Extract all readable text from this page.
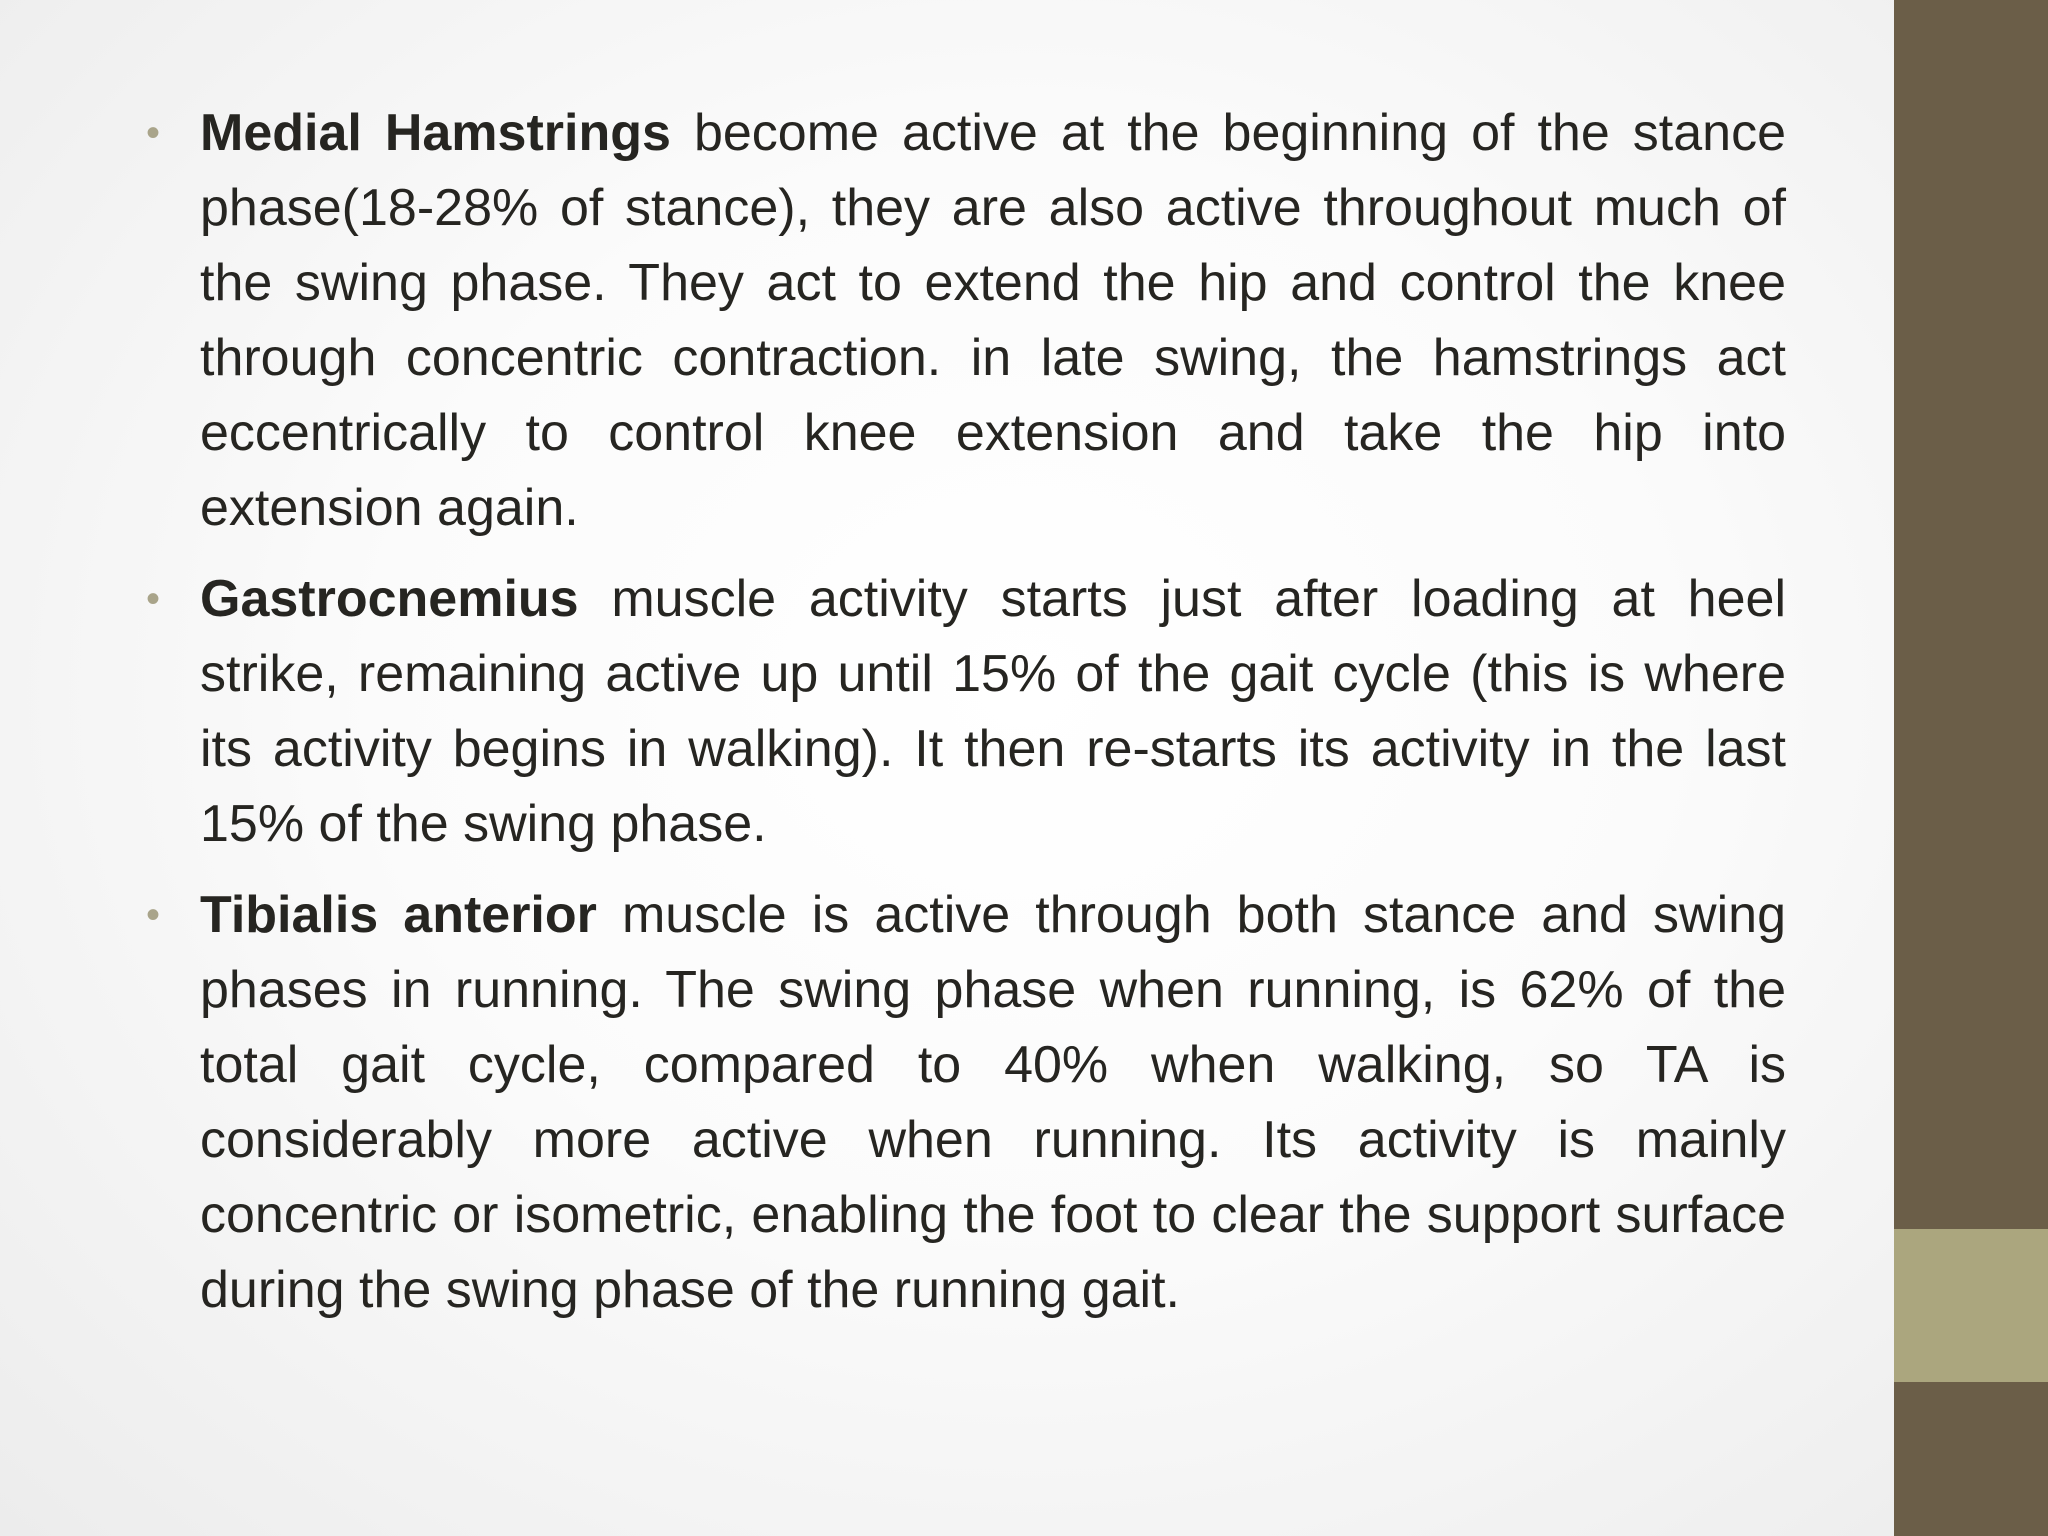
• Medial Hamstrings become active at the beginning of the stance phase(18-28% of stance), they are also active throughout much of the swing phase. They act to extend the hip and control the knee through concentric contraction. in late swing, the hamstrings act eccentrically to control knee extension and take the hip into extension again.
• Gastrocnemius muscle activity starts just after loading at heel strike, remaining active up until 15% of the gait cycle (this is where its activity begins in walking). It then re-starts its activity in the last 15% of the swing phase.
• Tibialis anterior muscle is active through both stance and swing phases in running. The swing phase when running, is 62% of the total gait cycle, compared to 40% when walking, so TA is considerably more active when running. Its activity is mainly concentric or isometric, enabling the foot to clear the support surface during the swing phase of the running gait.
